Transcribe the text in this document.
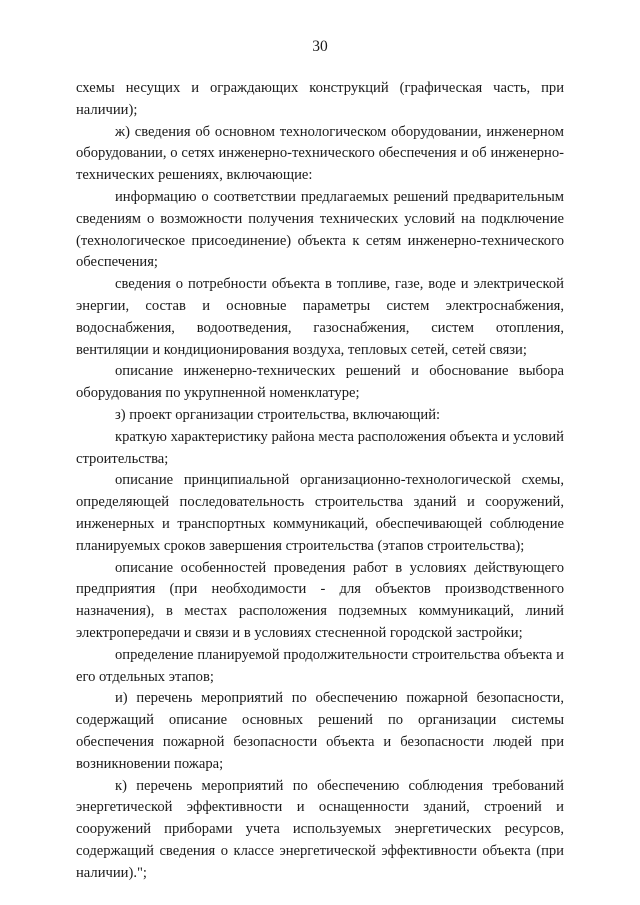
30

схемы несущих и ограждающих конструкций (графическая часть, при наличии);

ж) сведения об основном технологическом оборудовании, инженерном оборудовании, о сетях инженерно-технического обеспечения и об инженерно-технических решениях, включающие:

информацию о соответствии предлагаемых решений предварительным сведениям о возможности получения технических условий на подключение (технологическое присоединение) объекта к сетям инженерно-технического обеспечения;

сведения о потребности объекта в топливе, газе, воде и электрической энергии, состав и основные параметры систем электроснабжения, водоснабжения, водоотведения, газоснабжения, систем отопления, вентиляции и кондиционирования воздуха, тепловых сетей, сетей связи;

описание инженерно-технических решений и обоснование выбора оборудования по укрупненной номенклатуре;

з) проект организации строительства, включающий:

краткую характеристику района места расположения объекта и условий строительства;

описание принципиальной организационно-технологической схемы, определяющей последовательность строительства зданий и сооружений, инженерных и транспортных коммуникаций, обеспечивающей соблюдение планируемых сроков завершения строительства (этапов строительства);

описание особенностей проведения работ в условиях действующего предприятия (при необходимости - для объектов производственного назначения), в местах расположения подземных коммуникаций, линий электропередачи и связи и в условиях стесненной городской застройки;

определение планируемой продолжительности строительства объекта и его отдельных этапов;

и) перечень мероприятий по обеспечению пожарной безопасности, содержащий описание основных решений по организации системы обеспечения пожарной безопасности объекта и безопасности людей при возникновении пожара;

к) перечень мероприятий по обеспечению соблюдения требований энергетической эффективности и оснащенности зданий, строений и сооружений приборами учета используемых энергетических ресурсов, содержащий сведения о классе энергетической эффективности объекта (при наличии).";
